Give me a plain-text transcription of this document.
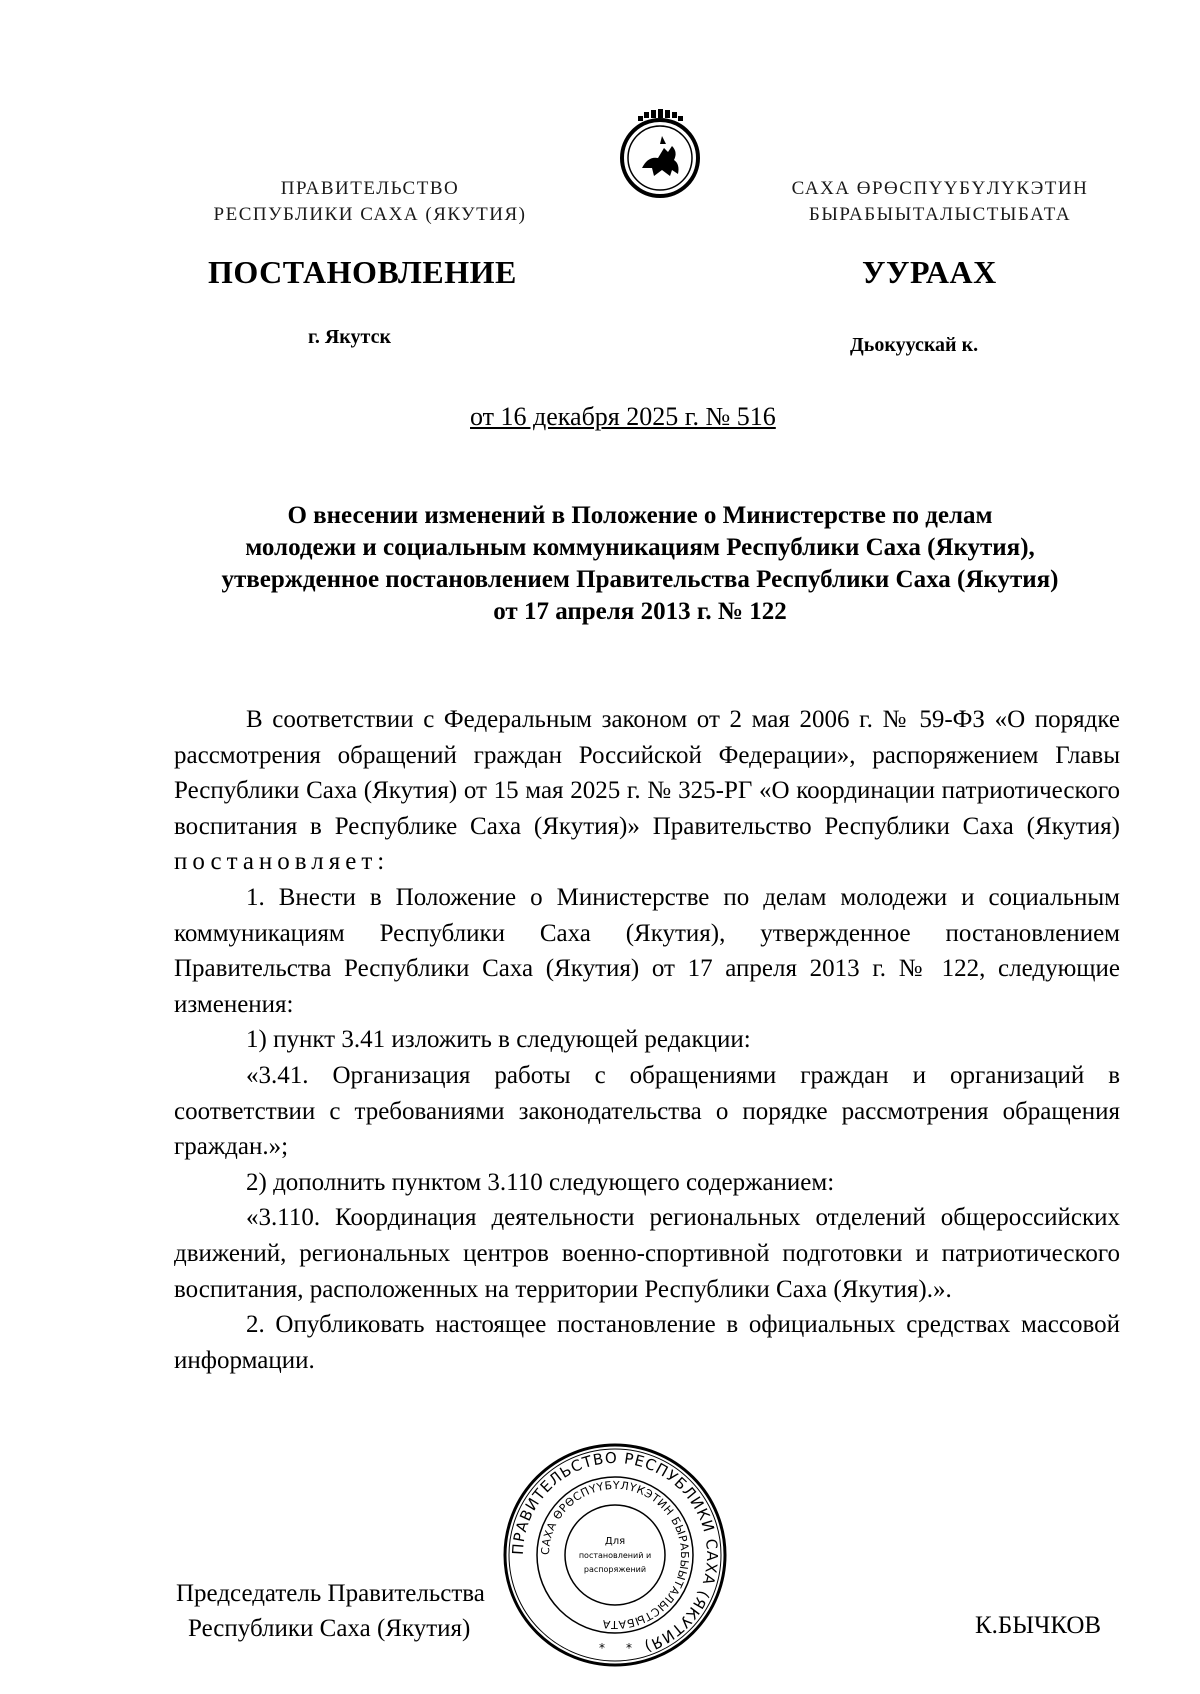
ПРАВИТЕЛЬСТВО
РЕСПУБЛИКИ САХА (ЯКУТИЯ)
САХА ӨРӨСПҮҮБҮЛҮКЭТИН
БЫРАБЫЫТАЛЫСТЫБАТА
ПОСТАНОВЛЕНИЕ	УУРААХ
г. Якутск	Дьокуускай к.
от 16 декабря 2025 г. № 516
О внесении изменений в Положение о Министерстве по делам
молодежи и социальным коммуникациям Республики Саха (Якутия),
утвержденное постановлением Правительства Республики Саха (Якутия)
от 17 апреля 2013 г. № 122

В соответствии с Федеральным законом от 2 мая 2006 г. № 59-ФЗ «О порядке рассмотрения обращений граждан Российской Федерации», распоряжением Главы Республики Саха (Якутия) от 15 мая 2025 г. № 325-РГ «О координации патриотического воспитания в Республике Саха (Якутия)» Правительство Республики Саха (Якутия) постановляет:

1. Внести в Положение о Министерстве по делам молодежи и социальным коммуникациям Республики Саха (Якутия), утвержденное постановлением Правительства Республики Саха (Якутия) от 17 апреля 2013 г. № 122, следующие изменения:

1) пункт 3.41 изложить в следующей редакции:

«3.41. Организация работы с обращениями граждан и организаций в соответствии с требованиями законодательства о порядке рассмотрения обращения граждан.»;

2) дополнить пунктом 3.110 следующего содержанием:

«3.110. Координация деятельности региональных отделений общероссийских движений, региональных центров военно-спортивной подготовки и патриотического воспитания, расположенных на территории Республики Саха (Якутия).».

2. Опубликовать настоящее постановление в официальных средствах массовой информации.

Председатель Правительства
Республики Саха (Якутия)
ПРАВИТЕЛЬСТВО РЕСПУБЛИКИ САХА (ЯКУТИЯ)
САХА ӨРӨСПҮҮБҮЛҮКЭТИН БЫРАБЫЫТАЛЫСТЫБАТА
Для
постановлений и
распоряжений
* *
К.БЫЧКОВ
